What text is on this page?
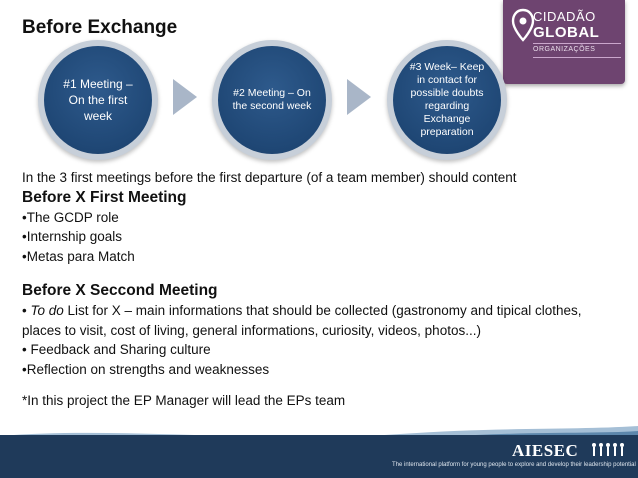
Before Exchange
CIDADÃO
GLOBAL
ORGANIZAÇÕES
#1 Meeting – On the first week
#2 Meeting – On the second week
#3 Week– Keep in contact for possible doubts regarding Exchange preparation

In the 3 first meetings before the first departure (of a team member) should content

Before X First Meeting

•The GCDP role

•Internship goals

•Metas para Match

Before X Seccond Meeting

• To do List for X – main informations that should be collected (gastronomy and tipical clothes, places to visit, cost of living, general informations, curiosity, videos, photos...)

• Feedback and Sharing culture

•Reflection on strengths and weaknesses

*In this project the EP Manager will lead the EPs team

AIESEC
The international platform for young people to explore and develop their leadership potential
